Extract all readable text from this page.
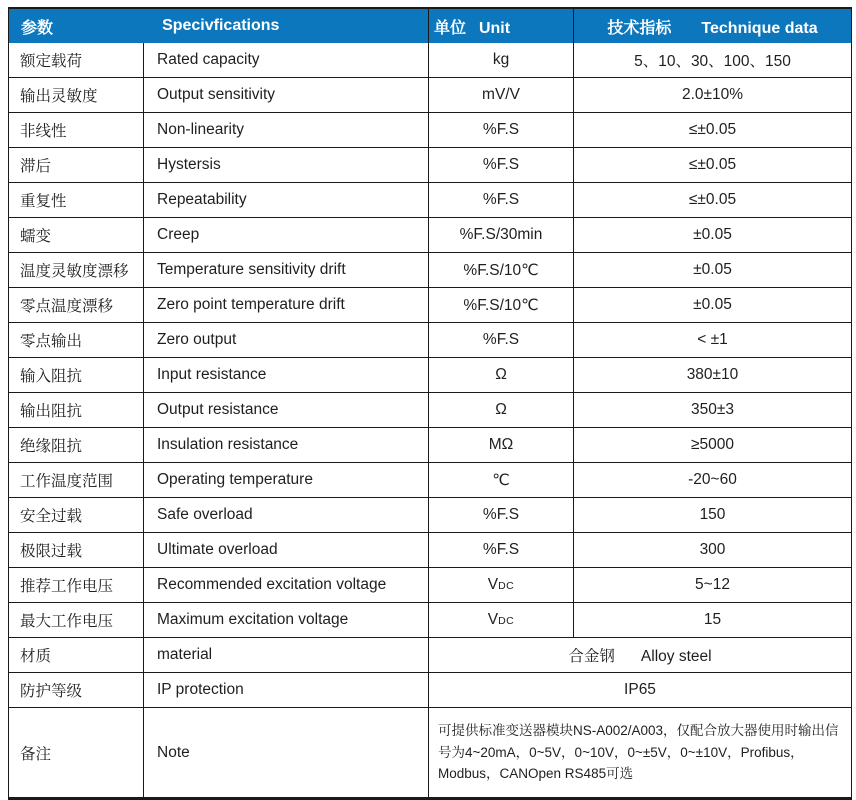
参数	Specivfications	单位 Unit	技术指标 Technique data
额定载荷	Rated capacity	kg	5、10、30、100、150
输出灵敏度	Output sensitivity	mV/V	2.0±10%
非线性	Non-linearity	%F.S	≤±0.05
滞后	Hystersis	%F.S	≤±0.05
重复性	Repeatability	%F.S	≤±0.05
蠕变	Creep	%F.S/30min	±0.05
温度灵敏度漂移	Temperature sensitivity drift	%F.S/10℃	±0.05
零点温度漂移	Zero point temperature drift	%F.S/10℃	±0.05
零点输出	Zero output	%F.S	< ±1
输入阻抗	Input resistance	Ω	380±10
输出阻抗	Output resistance	Ω	350±3
绝缘阻抗	Insulation resistance	MΩ	≥5000
工作温度范围	Operating temperature	℃	-20~60
安全过载	Safe overload	%F.S	150
极限过载	Ultimate overload	%F.S	300
推荐工作电压	Recommended excitation voltage	VDC	5~12
最大工作电压	Maximum excitation voltage	VDC	15
材质	material	合金钢 Alloy steel	
防护等级	IP protection	IP65	
备注	Note	可提供标准变送器模块NS-A002/A003，仅配合放大器使用时输出信号为4~20mA，0~5V，0~10V，0~±5V，0~±10V，Profibus，Modbus，CANOpen RS485可选	
